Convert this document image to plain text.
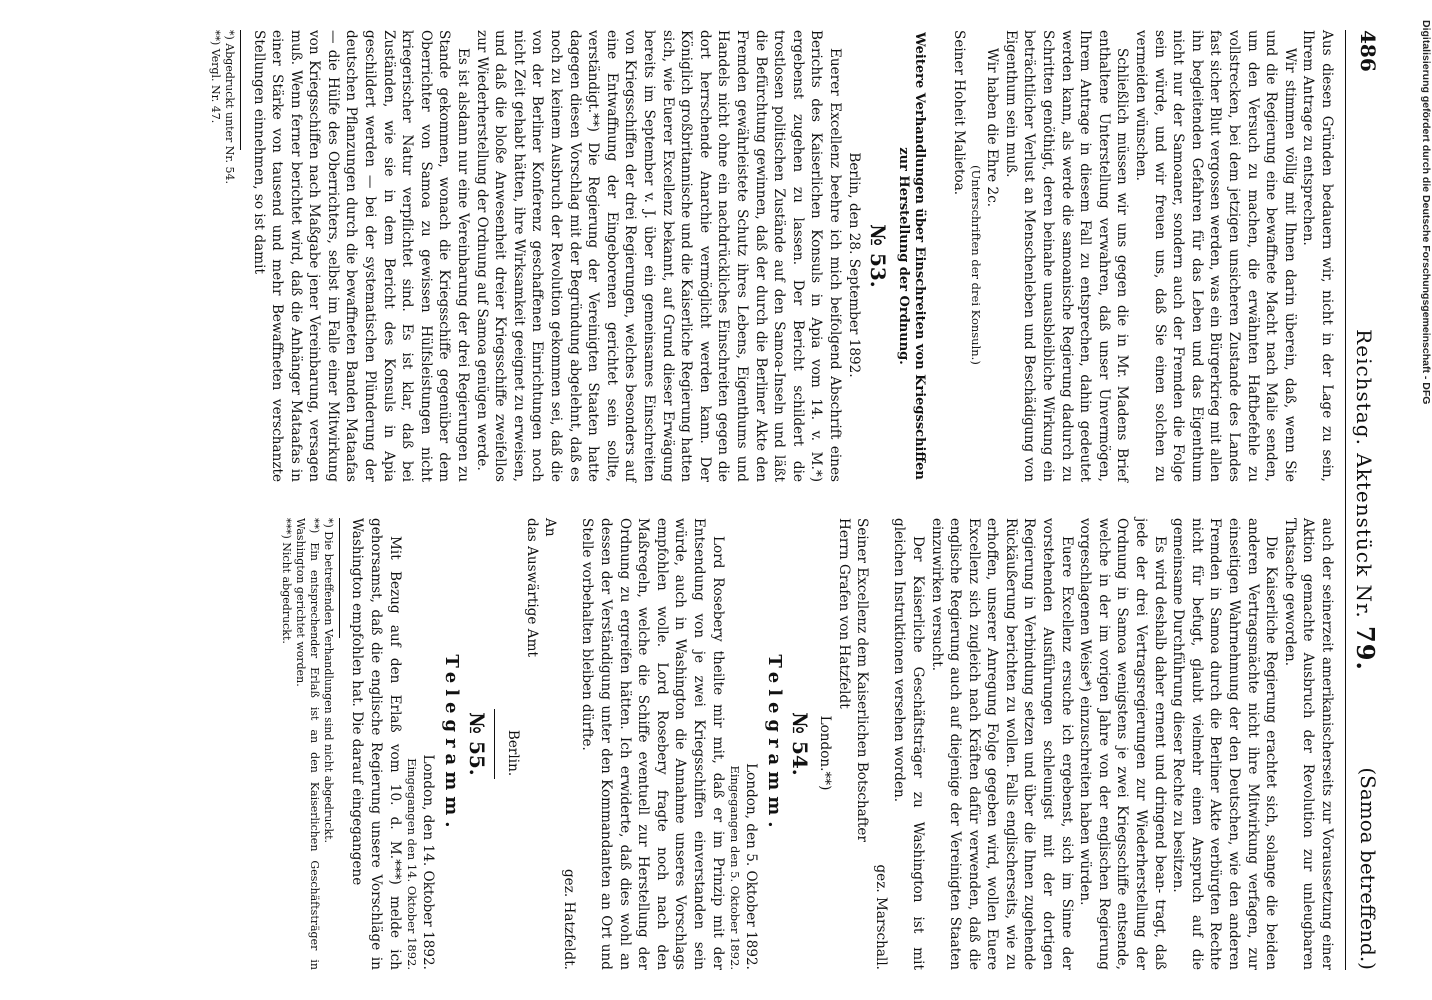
486
Reichstag. Aktenstück Nr. 79.
(Samoa betreffend.)

Aus diesen Gründen bedauern wir, nicht in der Lage zu sein, Ihrem Antrage zu entsprechen.

Wir stimmen völlig mit Ihnen darin überein, daß, wenn Sie und die Regierung eine bewaffnete Macht nach Malie senden, um den Versuch zu machen, die erwähnten Haftbefehle zu vollstrecken, bei dem jetzigen unsicheren Zustande des Landes fast sicher Blut vergossen werden, was ein Bürgerkrieg mit allen ihn begleitenden Gefahren für das Leben und das Eigenthum nicht nur der Samoaner, sondern auch der Fremden die Folge sein würde, und wir freuen uns, daß Sie einen solchen zu vermeiden wünschen.

Schließlich müssen wir uns gegen die in Mr. Madens Brief enthaltene Unterstellung verwahren, daß unser Unvermögen, Ihrem Antrage in diesem Fall zu entsprechen, dahin gedeutet werden kann, als werde die samoanische Regierung dadurch zu Schritten genöthigt, deren beinahe unausbleibliche Wirkung ein beträchtlicher Verlust an Menschenleben und Beschädigung von Eigenthum sein muß.

Wir haben die Ehre 2c.

(Unterschriften der drei Konsuln.)

Seiner Hoheit Malietoa.

Weitere Verhandlungen über Einschreiten von Kriegsschiffen zur Herstellung der Ordnung.
№ 53.

Berlin, den 28. September 1892.

Euerer Excellenz beehre ich mich beifolgend Abschrift eines Berichts des Kaiserlichen Konsuls in Apia vom 14. v. M.*) ergebenst zugehen zu lassen. Der Bericht schildert die trostlosen politischen Zustände auf den Samoa-Inseln und läßt die Befürchtung gewinnen, daß der durch die Berliner Akte den Fremden gewährleistete Schutz ihres Lebens, Eigenthums und Handels nicht ohne ein nachdrückliches Einschreiten gegen die dort herrschende Anarchie vermöglicht werden kann. Der Königlich großbritannische und die Kaiserliche Regierung hatten sich, wie Euerer Excellenz bekannt, auf Grund dieser Erwägung bereits im September v. J. über ein gemeinsames Einschreiten von Kriegsschiffen der drei Regierungen, welches besonders auf eine Entwaffnung der Eingeborenen gerichtet sein sollte, verständigt.**) Die Regierung der Vereinigten Staaten hatte dagegen diesen Vorschlag mit der Begründung abgelehnt, daß es noch zu keinem Ausbruch der Revolution gekommen sei, daß die von der Berliner Konferenz geschaffenen Einrichtungen noch nicht Zeit gehabt hätten, ihre Wirksamkeit geeignet zu erweisen, und daß die bloße Anwesenheit dreier Kriegsschiffe zweifellos zur Wiederherstellung der Ordnung auf Samoa genügen werde.

Es ist alsdann nur eine Vereinbarung der drei Regierungen zu Stande gekommen, wonach die Kriegsschiffe gegenüber dem Oberrichter von Samoa zu gewissen Hülfsleistungen nicht kriegerischer Natur verpflichtet sind. Es ist klar, daß bei Zuständen, wie sie in dem Bericht des Konsuls in Apia geschildert werden — bei der systematischen Plünderung der deutschen Pflanzungen durch die bewaffneten Banden Mataafas — die Hülfe des Oberrichters, selbst im Falle einer Mitwirkung von Kriegsschiffen nach Maßgabe jener Vereinbarung, versagen muß. Wenn ferner berichtet wird, daß die Anhänger Mataafas in einer Stärke von tausend und mehr Bewaffneten verschanzte Stellungen einnehmen, so ist damit

*) Abgedruckt unter Nr. 54.

**) Vergl. Nr. 47.

auch der seinerzeit amerikanischerseits zur Voraussetzung einer Aktion gemachte Ausbruch der Revolution zur unleugbaren Thatsache geworden.

Die Kaiserliche Regierung erachtet sich, solange die beiden anderen Vertragsmächte nicht ihre Mitwirkung verfagen, zur einseitigen Wahrnehmung der den Deutschen, wie den anderen Fremden in Samoa durch die Berliner Akte verbürgten Rechte nicht für befugt, glaubt vielmehr einen Anspruch auf die gemeinsame Durchführung dieser Rechte zu besitzen.

Es wird deshalb daher ernent und dringend bean- tragt, daß jede der drei Vertragsregierungen zur Wiederherstellung der Ordnung in Samoa wenigstens je zwei Kriegsschiffe entsende, welche in der im vorigen Jahre von der englischen Regierung vorgeschlagenen Weise*) einzuschreiten haben würden.

Euere Excellenz ersuche ich ergebenst, sich im Sinne der vorstehenden Ausführungen schleunigst mit der dortigen Regierung in Verbindung setzen und über die Ihnen zugehende Rückäußerung berichten zu wollen. Falls englischerseits, wie zu erhoffen, unserer Anregung Folge gegeben wird, wollen Euere Excellenz sich zugleich nach Kräften dafür verwenden, daß die englische Regierung auch auf diejenige der Vereinigten Staaten einzuwirken versucht.

Der Kaiserliche Geschäftsträger zu Washington ist mit gleichen Instruktionen versehen worden.

gez. Marschall.

Seiner Excellenz dem Kaiserlichen Botschafter

Herrn Grafen von Hatzfeldt

London.**)

№ 54.
Telegramm.

London, den 5. Oktober 1892.

Eingegangen den 5. Oktober 1892.

Lord Rosebery theilte mir mit, daß er im Prinzip mit der Entsendung von je zwei Kriegsschiffen einverstanden sein würde, auch in Washington die Annahme unseres Vorschlags empfohlen wolle. Lord Rosebery fragte noch nach den Maßregeln, welche die Schiffe eventuell zur Herstellung der Ordnung zu ergreifen hätten. Ich erwiderte, daß dies wohl an dessen der Verständigung unter den Kommandanten an Ort und Stelle vorbehalten bleiben dürfte.

gez. Hatzfeldt.

An

das Auswärtige Amt

Berlin.

№ 55.
Telegramm.

London, den 14. Oktober 1892.

Eingegangen den 14. Oktober 1892.

Mit Bezug auf den Erlaß vom 10. d. M.***) melde ich gehorsamst, daß die englische Regierung unsere Vorschläge in Washington empfohlen hat. Die darauf eingegangene

*) Die betreffenden Verhandlungen sind nicht abgedruckt.

**) Ein entsprechender Erlaß ist an den Kaiserlichen Geschäftsträger in Washington gerichtet worden.

***) Nicht abgedruckt.

Digitalisierung gefördert durch die Deutsche Forschungsgemeinschaft - DFG
